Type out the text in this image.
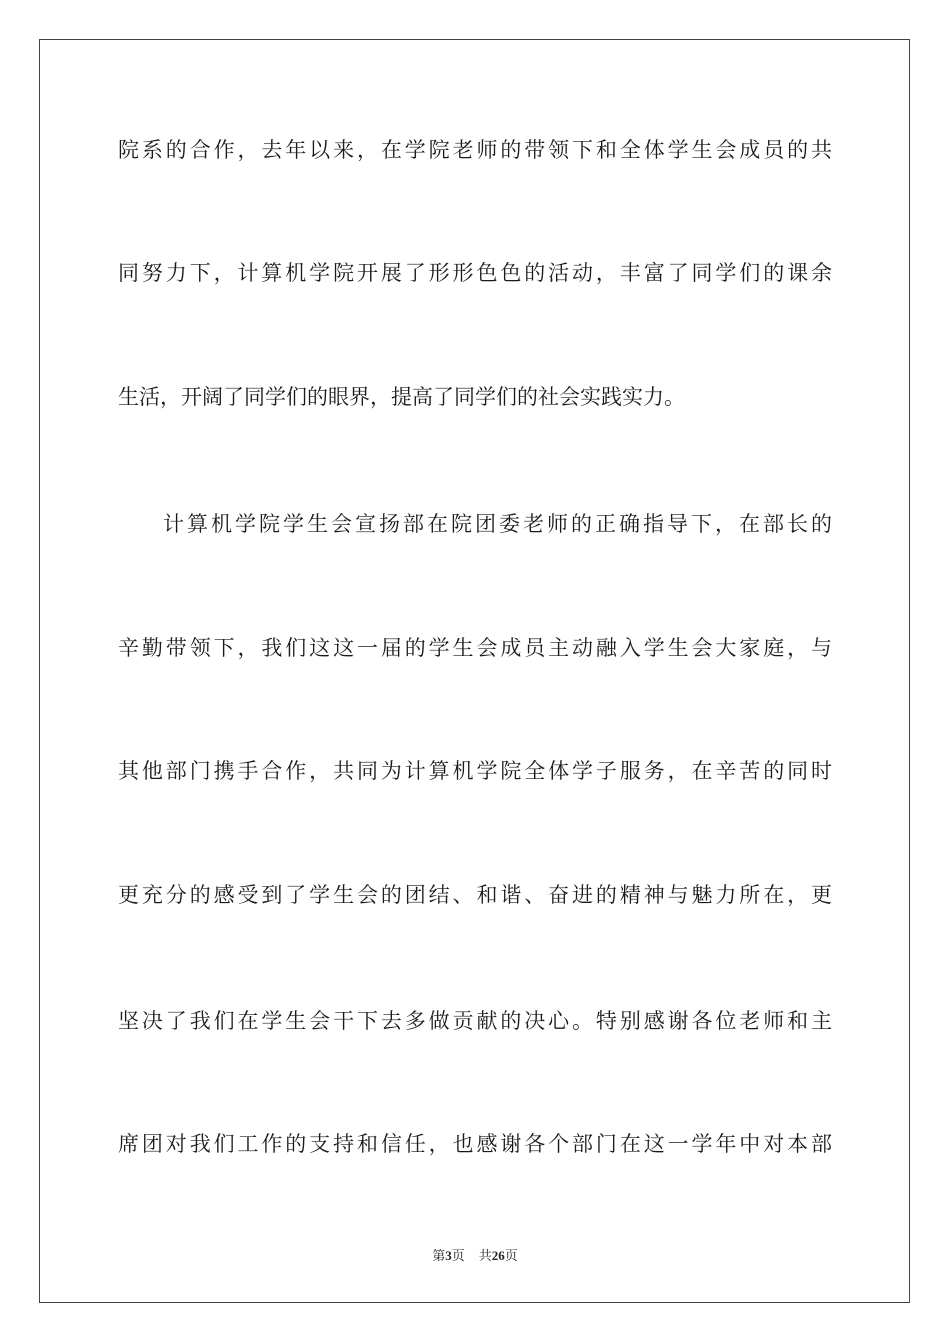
院系的合作，去年以来，在学院老师的带领下和全体学生会成员的共
同努力下，计算机学院开展了形形色色的活动，丰富了同学们的课余
生活，开阔了同学们的眼界，提高了同学们的社会实践实力。
计算机学院学生会宣扬部在院团委老师的正确指导下，在部长的
辛勤带领下，我们这这一届的学生会成员主动融入学生会大家庭，与
其他部门携手合作，共同为计算机学院全体学子服务，在辛苦的同时
更充分的感受到了学生会的团结、和谐、奋进的精神与魅力所在，更
坚决了我们在学生会干下去多做贡献的决心。特别感谢各位老师和主
席团对我们工作的支持和信任，也感谢各个部门在这一学年中对本部
第3页 共26页
